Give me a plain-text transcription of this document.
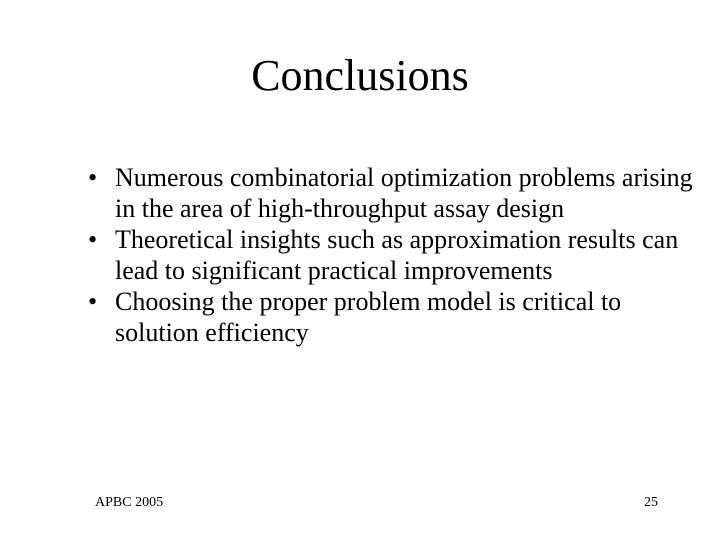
Conclusions
• Numerous combinatorial optimization problems arising in the area of high-throughput assay design
• Theoretical insights such as approximation results can lead to significant practical improvements
• Choosing the proper problem model is critical to solution efficiency
APBC 2005	25
